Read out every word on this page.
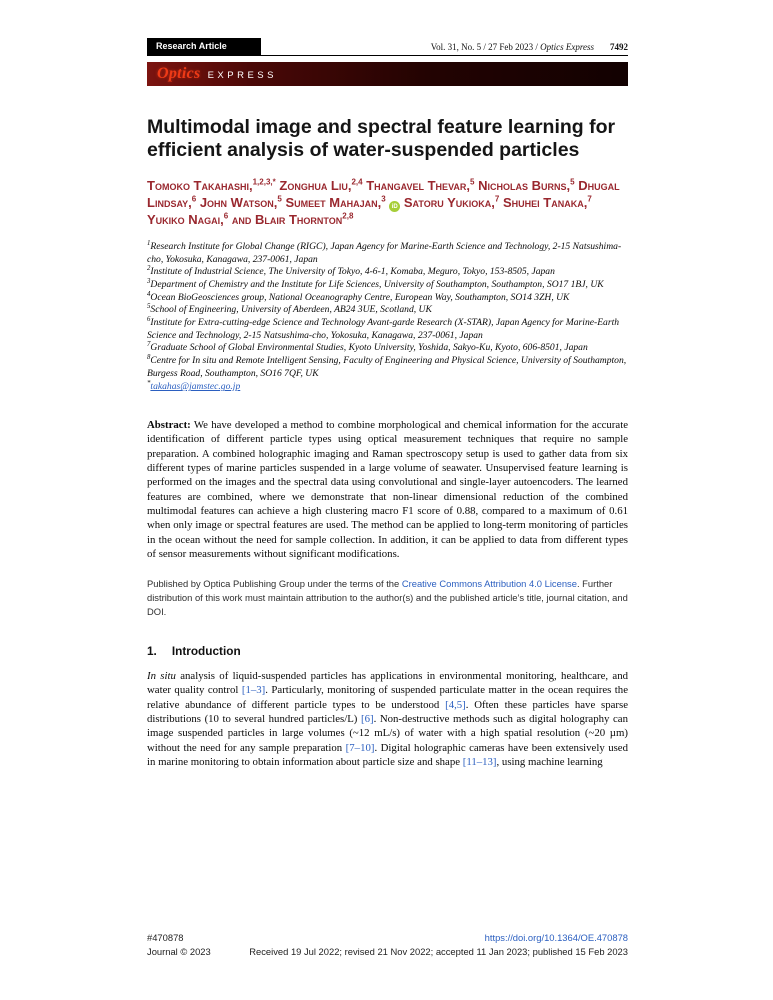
Research Article	Vol. 31, No. 5 / 27 Feb 2023 / Optics Express 7492
Optics EXPRESS
Multimodal image and spectral feature learning for efficient analysis of water-suspended particles

Tomoko Takahashi,$^{1,2,3,*}$ Zonghua Liu,$^{2,4}$ Thangavel Thevar,$^5$ Nicholas Burns,$^5$ Dhugal Lindsay,$^6$ John Watson,$^5$ Sumeet Mahajan,$^3$ iD Satoru Yukioka,$^7$ Shuhei Tanaka,$^7$ Yukiko Nagai,$^6$ and Blair Thornton$^{2,8}$

$^1$Research Institute for Global Change (RIGC), Japan Agency for Marine-Earth Science and Technology, 2-15 Natsushima-cho, Yokosuka, Kanagawa, 237-0061, Japan
$^2$Institute of Industrial Science, The University of Tokyo, 4-6-1, Komaba, Meguro, Tokyo, 153-8505, Japan
$^3$Department of Chemistry and the Institute for Life Sciences, University of Southampton, Southampton, SO17 1BJ, UK
$^4$Ocean BioGeosciences group, National Oceanography Centre, European Way, Southampton, SO14 3ZH, UK
$^5$School of Engineering, University of Aberdeen, AB24 3UE, Scotland, UK
$^6$Institute for Extra-cutting-edge Science and Technology Avant-garde Research (X-STAR), Japan Agency for Marine-Earth Science and Technology, 2-15 Natsushima-cho, Yokosuka, Kanagawa, 237-0061, Japan
$^7$Graduate School of Global Environmental Studies, Kyoto University, Yoshida, Sakyo-Ku, Kyoto, 606-8501, Japan
$^8$Centre for In situ and Remote Intelligent Sensing, Faculty of Engineering and Physical Science, University of Southampton, Burgess Road, Southampton, SO16 7QF, UK
*takahas@jamstec.go.jp

Abstract: We have developed a method to combine morphological and chemical information for the accurate identification of different particle types using optical measurement techniques that require no sample preparation. A combined holographic imaging and Raman spectroscopy setup is used to gather data from six different types of marine particles suspended in a large volume of seawater. Unsupervised feature learning is performed on the images and the spectral data using convolutional and single-layer autoencoders. The learned features are combined, where we demonstrate that non-linear dimensional reduction of the combined multimodal features can achieve a high clustering macro F1 score of 0.88, compared to a maximum of 0.61 when only image or spectral features are used. The method can be applied to long-term monitoring of particles in the ocean without the need for sample collection. In addition, it can be applied to data from different types of sensor measurements without significant modifications.

Published by Optica Publishing Group under the terms of the Creative Commons Attribution 4.0 License. Further distribution of this work must maintain attribution to the author(s) and the published article’s title, journal citation, and DOI.

1. Introduction

In situ analysis of liquid-suspended particles has applications in environmental monitoring, healthcare, and water quality control [1–3]. Particularly, monitoring of suspended particulate matter in the ocean requires the relative abundance of different particle types to be understood [4,5]. Often these particles have sparse distributions (10 to several hundred particles/L) [6]. Non-destructive methods such as digital holography can image suspended particles in large volumes (~12 mL/s) of water with a high spatial resolution (~20 µm) without the need for any sample preparation [7–10]. Digital holographic cameras have been extensively used in marine monitoring to obtain information about particle size and shape [11–13], using machine learning

#470878	https://doi.org/10.1364/OE.470878
Journal © 2023	Received 19 Jul 2022; revised 21 Nov 2022; accepted 11 Jan 2023; published 15 Feb 2023
